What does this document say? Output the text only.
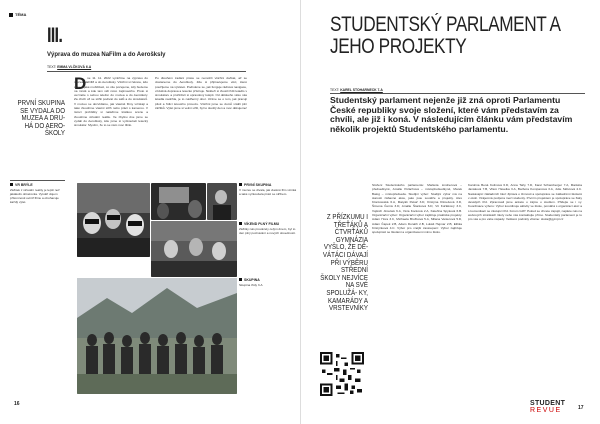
TÉMA
III.
Výprava do muzea NaFilm a do Aerošksly
TEXT: EMMA VLČKOVÁ 6.A
D ne 11. 11. 2022 vyrážíme na výpravu do muzea NaFilM a do Aeroškoly. Všichni si řeknou, kdo chce v jaké mobilizaci, co vše pozejeme, kdy budeme na místě a kde tam vidí něco zajímavého. Proto si vezměte s sebou telefon do muzea a do Aeroškoly. Za chvíli už se stihli podívat do sálů a do simulátorů. V muzeu se dozvídáme, jak vlastně filmy vznikají a také zkoušíme vlastní střih nebo práci s kamerou. V rámci prohlídky si natáčíme krátkou scénu a zkoušíme virtuální realitu. Ve zbytku dne jsme se vydali do Aeroškoly, kde jsme si vyzkoušeli letecký simulátor. Myslím, že to se nám moc líbilo.
Po dlouhém zadání práce se nemohli všichni dočkat, až se dostaneme do Aeroškoly. Zde si připravujeme věci, které použijeme na výstavě. Podíváme se, jak funguje rádiová navigace, vzdušná doprava a letecké přístroje. Někteří si zkusili řídit letadlo v simulátoru a prohlíželi si opravdový kokpit. Od dětského věku nás letadla nadchla, je to nádherný obor. Učíme se o tom, jak pracují piloti a řídicí letového provozu. Všichni jsme se domů vrátili plní zážitků. Výlet jsme si velmi užili, byl to skvělý den a moc děkujeme!
PRVNÍ SKUPINA SE VYDALA DO MUZEA A DRU- HÁ DO AERO- ŠKOLY
VR BRÝLE
Zážitek z virtuální reality je lepší než jakákoliv obrazovka. Vytváří dojem přítomnosti uvnitř filmu a obohacuje každý výlet.
PRVNÍ SKUPINA
V muzeu se dívala, jak vlastně film vzniká a také vyzkoušela práci se střihem.
VÍKEND PLNÝ FILMU
Zážitky nás provázely celým dnem, byl to den plný poznávání a nových dovedností.
SKUPINA
Skupina třídy 3.A
16
STUDENTSKÝ PARLAMENT A JEHO PROJEKTY
TEXT: KAREL STOHARNECK 7.A
Studentský parlament nejenže již zná oproti Parlamentu České republiky svoje složení, které vám představím za chvíli, ale již i koná. V následujícím článku vám představím několik projektů Studentského parlamentu.
Z PŘÍZKUMU I TŘEŤÁKŮ A ČTVRŤÁKŮ GYMNÁZIA VYŠLO, ŽE DĚ- VÁTÁCI DÁVAJÍ PŘI VÝBĚRU STŘEDNÍ ŠKOLY NEJVÍCE NA SVÉ SPOLUŽÁ- KY, KAMARÁDY A VRSTEVNÍKY
Složení Studentského parlamentu: Markéta Lindnerová – předsedkyně, Amálie Poláchová – místopředsedkyně, Marek Balog – místopředseda. Studijní výbor: Studijní výbor má na starosti zábavné akce, jako jsou soutěže a projekty. Alex Klonkowská 6.A, Matyáš Pekař 3.D, Kristýna Klimešová 3.D, Šimona Černá 3.D, Amálie Štanková 6.D, Vít Kořátkový 3.C, Vojtěch Jiroušek 6.A, Věra Kocková 2.A, Kateřina Spyková 6.B. Organizační výbor: Organizační výbor zajišťuje praktické projekty. Adam Hora 3.C, Michaela Brožková 5.A, Milana Vanierová 5.D, Adam Čapek 2.B, Adam Donáth 2.B, Lukáš Hejmar 2.B, Eliška Kristýnková 4.C. Výbor pro vnější zastoupení: Výbor zajišťuje spolupráci se školami a organizacemi mimo školu.
Karolína Bená Kolinová 6.D, Anna Tahy 7.D, Karel Schamberger 7.A, Markéta Janáková 7.B, Vilém Havelka 3.A, Barbora Kompanová 3.A, Julie Skřetová 4.C. Nastávající základních škol: Zpráva o činnosti a spolupráce se základními školami v okolí. Vzájemná podpora mezi studenty. Prvním projektem je spolupráce se žáky devátých tříd. Zpracovali jsme anketu o zájmu o studium. Přidejte se i vy. Koordinace výboru: Výbor koordinuje aktivity ve škole, pomáhá s organizací akcí a s komunikací se zástupci tříd. Forum GJP: Pokud se chcete zapojit, najdete nás na webových stránkách školy nebo nás kontaktujte přímo. Studentský parlament je tu pro vás a pro vaše nápady. Veškeré podněty vítáme: skola@gympl.cz
STUDENT
REVUE	17
